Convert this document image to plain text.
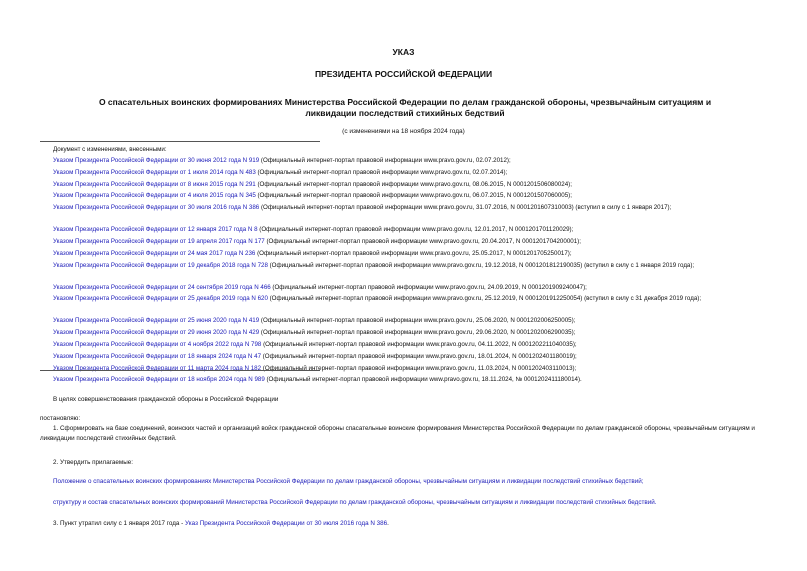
УКАЗ
ПРЕЗИДЕНТА РОССИЙСКОЙ ФЕДЕРАЦИИ
О спасательных воинских формированиях Министерства Российской Федерации по делам гражданской обороны, чрезвычайным ситуациям и ликвидации последствий стихийных бедствий
(с изменениями на 18 ноября 2024 года)
Документ с изменениями, внесенными:
Указом Президента Российской Федерации от 30 июня 2012 года N 919 (Официальный интернет-портал правовой информации www.pravo.gov.ru, 02.07.2012);
Указом Президента Российской Федерации от 1 июля 2014 года N 483 (Официальный интернет-портал правовой информации www.pravo.gov.ru, 02.07.2014);
Указом Президента Российской Федерации от 8 июня 2015 года N 291 (Официальный интернет-портал правовой информации www.pravo.gov.ru, 08.06.2015, N 0001201506080024);
Указом Президента Российской Федерации от 4 июля 2015 года N 345 (Официальный интернет-портал правовой информации www.pravo.gov.ru, 06.07.2015, N 0001201507060005);
Указом Президента Российской Федерации от 30 июля 2016 года N 386 (Официальный интернет-портал правовой информации www.pravo.gov.ru, 31.07.2016, N 0001201607310003) (вступил в силу с 1 января 2017);
Указом Президента Российской Федерации от 12 января 2017 года N 8 (Официальный интернет-портал правовой информации www.pravo.gov.ru, 12.01.2017, N 0001201701120029);
Указом Президента Российской Федерации от 19 апреля 2017 года N 177 (Официальный интернет-портал правовой информации www.pravo.gov.ru, 20.04.2017, N 0001201704200001);
Указом Президента Российской Федерации от 24 мая 2017 года N 236 (Официальный интернет-портал правовой информации www.pravo.gov.ru, 25.05.2017, N 0001201705250017);
Указом Президента Российской Федерации от 19 декабря 2018 года N 728 (Официальный интернет-портал правовой информации www.pravo.gov.ru, 19.12.2018, N 0001201812190035) (вступил в силу с 1 января 2019 года);
Указом Президента Российской Федерации от 24 сентября 2019 года N 466 (Официальный интернет-портал правовой информации www.pravo.gov.ru, 24.09.2019, N 0001201909240047);
Указом Президента Российской Федерации от 25 декабря 2019 года N 620 (Официальный интернет-портал правовой информации www.pravo.gov.ru, 25.12.2019, N 0001201912250054) (вступил в силу с 31 декабря 2019 года);
Указом Президента Российской Федерации от 25 июня 2020 года N 419 (Официальный интернет-портал правовой информации www.pravo.gov.ru, 25.06.2020, N 0001202006250005);
Указом Президента Российской Федерации от 29 июня 2020 года N 429 (Официальный интернет-портал правовой информации www.pravo.gov.ru, 29.06.2020, N 0001202006290035);
Указом Президента Российской Федерации от 4 ноября 2022 года N 798 (Официальный интернет-портал правовой информации www.pravo.gov.ru, 04.11.2022, N 0001202211040035);
Указом Президента Российской Федерации от 18 января 2024 года N 47 (Официальный интернет-портал правовой информации www.pravo.gov.ru, 18.01.2024, N 0001202401180019);
Указом Президента Российской Федерации от 11 марта 2024 года N 182 (Официальный интернет-портал правовой информации www.pravo.gov.ru, 11.03.2024, N 0001202403110013);
Указом Президента Российской Федерации от 18 ноября 2024 года N 989 (Официальный интернет-портал правовой информации www.pravo.gov.ru, 18.11.2024, № 0001202411180014).
В целях совершенствования гражданской обороны в Российской Федерации
постановляю:
1. Сформировать на базе соединений, воинских частей и организаций войск гражданской обороны спасательные воинские формирования Министерства Российской Федерации по делам гражданской обороны, чрезвычайным ситуациям и ликвидации последствий стихийных бедствий.
2. Утвердить прилагаемые:
Положение о спасательных воинских формированиях Министерства Российской Федерации по делам гражданской обороны, чрезвычайным ситуациям и ликвидации последствий стихийных бедствий;
структуру и состав спасательных воинских формирований Министерства Российской Федерации по делам гражданской обороны, чрезвычайным ситуациям и ликвидации последствий стихийных бедствий.
3. Пункт утратил силу с 1 января 2017 года - Указ Президента Российской Федерации от 30 июля 2016 года N 386.
